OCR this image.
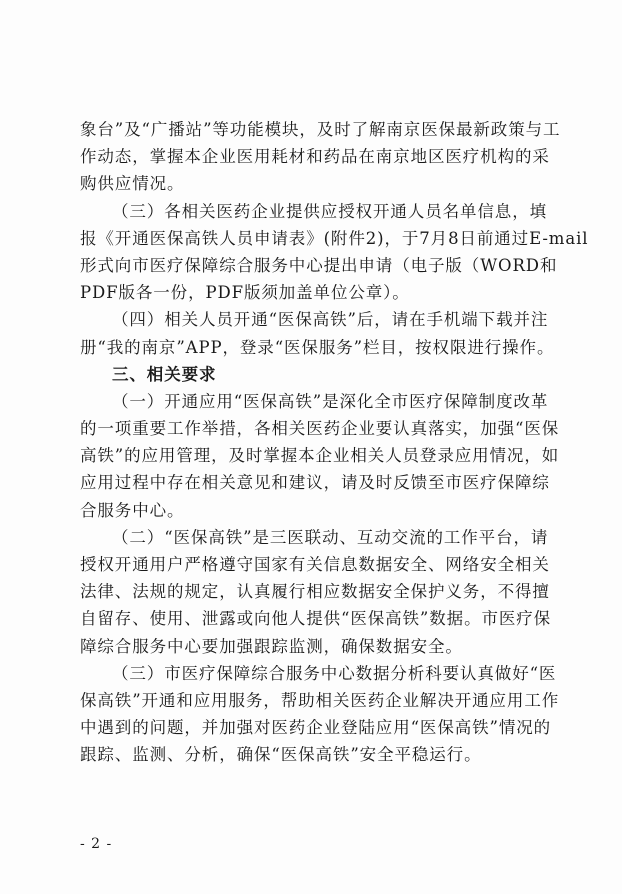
象台”及“广播站”等功能模块，及时了解南京医保最新政策与工
作动态，掌握本企业医用耗材和药品在南京地区医疗机构的采
购供应情况。
（三）各相关医药企业提供应授权开通人员名单信息，填
报《开通医保高铁人员申请表》(附件2)，于7月8日前通过E-mail
形式向市医疗保障综合服务中心提出申请（电子版（WORD和
PDF版各一份，PDF版须加盖单位公章）。
（四）相关人员开通“医保高铁”后，请在手机端下载并注
册“我的南京”APP，登录“医保服务”栏目，按权限进行操作。
三、相关要求
（一）开通应用“医保高铁”是深化全市医疗保障制度改革
的一项重要工作举措，各相关医药企业要认真落实，加强“医保
高铁”的应用管理，及时掌握本企业相关人员登录应用情况，如
应用过程中存在相关意见和建议，请及时反馈至市医疗保障综
合服务中心。
（二）“医保高铁”是三医联动、互动交流的工作平台，请
授权开通用户严格遵守国家有关信息数据安全、网络安全相关
法律、法规的规定，认真履行相应数据安全保护义务，不得擅
自留存、使用、泄露或向他人提供“医保高铁”数据。市医疗保
障综合服务中心要加强跟踪监测，确保数据安全。
（三）市医疗保障综合服务中心数据分析科要认真做好“医
保高铁”开通和应用服务，帮助相关医药企业解决开通应用工作
中遇到的问题，并加强对医药企业登陆应用“医保高铁”情况的
跟踪、监测、分析，确保“医保高铁”安全平稳运行。
- 2 -
